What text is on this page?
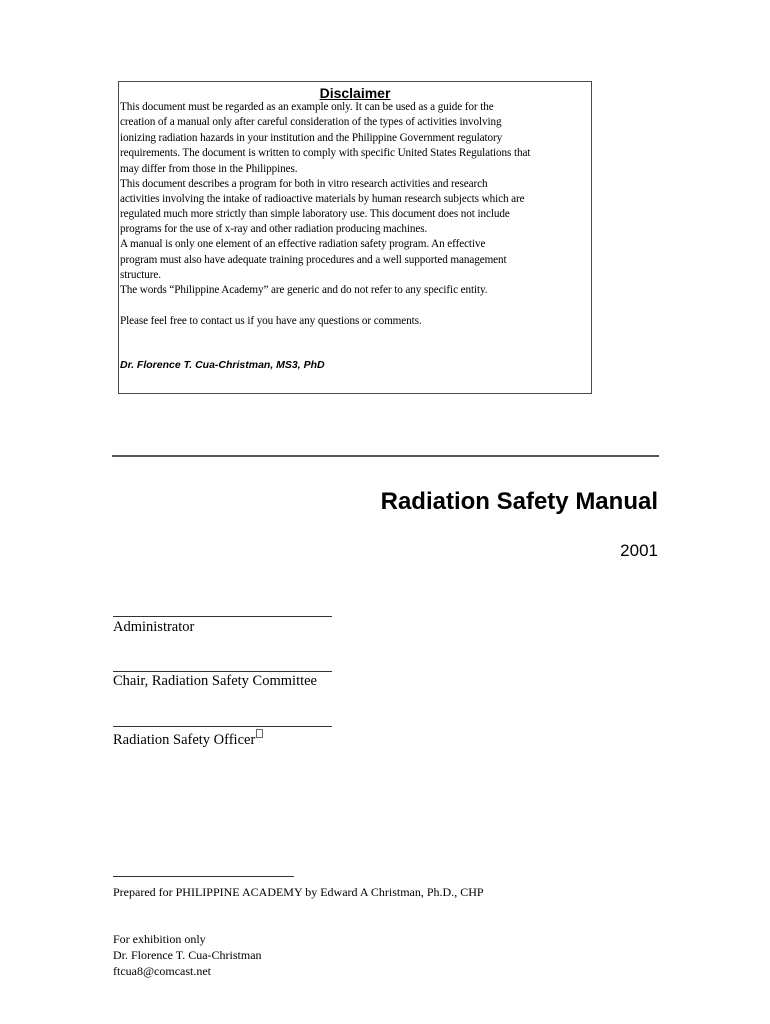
Disclaimer
This document must be regarded as an example only. It can be used as a guide for the
creation of a manual only after careful consideration of the types of activities involving
ionizing radiation hazards in your institution and the Philippine Government regulatory
requirements. The document is written to comply with specific United States Regulations that
may differ from those in the Philippines.
This document describes a program for both in vitro research activities and research
activities involving the intake of radioactive materials by human research subjects which are
regulated much more strictly than simple laboratory use. This document does not include
programs for the use of x-ray and other radiation producing machines.
A manual is only one element of an effective radiation safety program. An effective
program must also have adequate training procedures and a well supported management
structure.
The words “Philippine Academy” are generic and do not refer to any specific entity.
Please feel free to contact us if you have any questions or comments.
Dr. Florence T. Cua-Christman, MS3, PhD
Radiation Safety Manual
2001
Administrator
Chair, Radiation Safety Committee
Radiation Safety Officer
Prepared for PHILIPPINE ACADEMY by Edward A Christman, Ph.D., CHP
For exhibition only
Dr. Florence T. Cua-Christman
ftcua8@comcast.net
